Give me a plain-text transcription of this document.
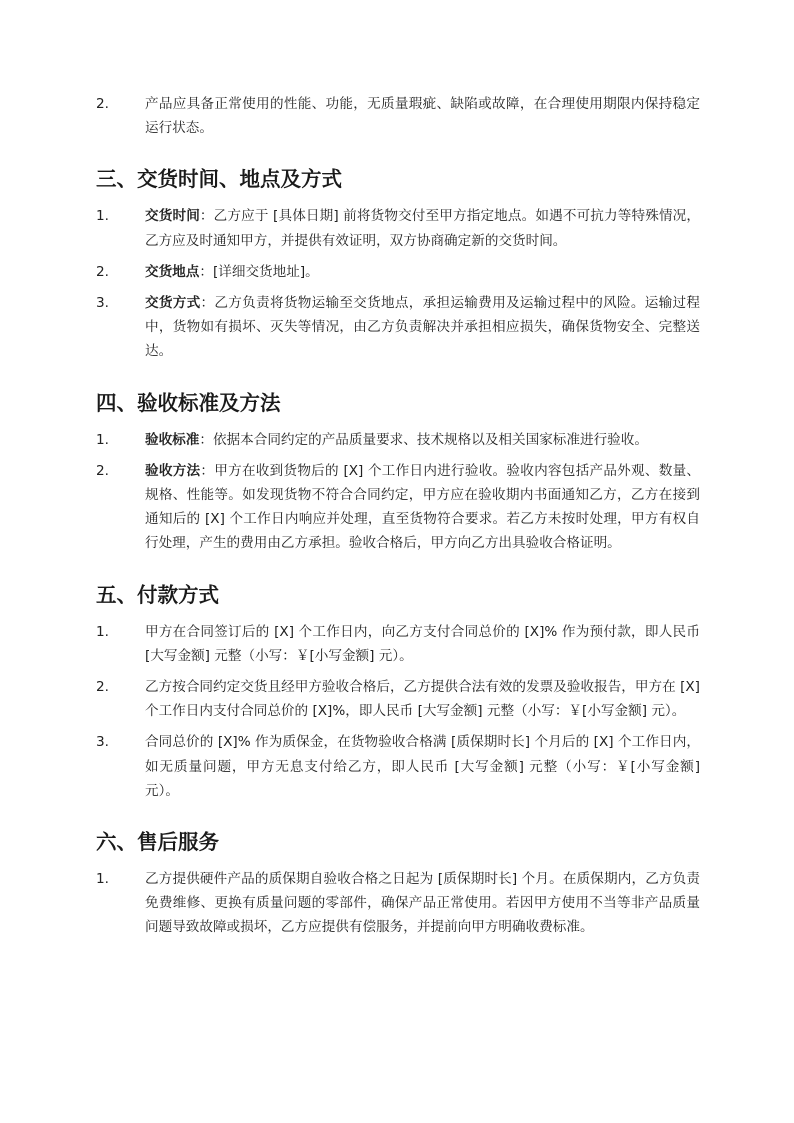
2.	产品应具备正常使用的性能、功能，无质量瑕疵、缺陷或故障，在合理使用期限内保持稳定运行状态。
三、交货时间、地点及方式
1.	交货时间：乙方应于 [具体日期] 前将货物交付至甲方指定地点。如遇不可抗力等特殊情况，乙方应及时通知甲方，并提供有效证明，双方协商确定新的交货时间。
2.	交货地点：[详细交货地址]。
3.	交货方式：乙方负责将货物运输至交货地点，承担运输费用及运输过程中的风险。运输过程中，货物如有损坏、灭失等情况，由乙方负责解决并承担相应损失，确保货物安全、完整送达。
四、验收标准及方法
1.	验收标准：依据本合同约定的产品质量要求、技术规格以及相关国家标准进行验收。
2.	验收方法：甲方在收到货物后的 [X] 个工作日内进行验收。验收内容包括产品外观、数量、规格、性能等。如发现货物不符合合同约定，甲方应在验收期内书面通知乙方，乙方在接到通知后的 [X] 个工作日内响应并处理，直至货物符合要求。若乙方未按时处理，甲方有权自行处理，产生的费用由乙方承担。验收合格后，甲方向乙方出具验收合格证明。
五、付款方式
1.	甲方在合同签订后的 [X] 个工作日内，向乙方支付合同总价的 [X]% 作为预付款，即人民币 [大写金额] 元整（小写：￥[小写金额] 元）。
2.	乙方按合同约定交货且经甲方验收合格后，乙方提供合法有效的发票及验收报告，甲方在 [X] 个工作日内支付合同总价的 [X]%，即人民币 [大写金额] 元整（小写：￥[小写金额] 元）。
3.	合同总价的 [X]% 作为质保金，在货物验收合格满 [质保期时长] 个月后的 [X] 个工作日内，如无质量问题，甲方无息支付给乙方，即人民币 [大写金额] 元整（小写：￥[小写金额] 元）。
六、售后服务
1.	乙方提供硬件产品的质保期自验收合格之日起为 [质保期时长] 个月。在质保期内，乙方负责免费维修、更换有质量问题的零部件，确保产品正常使用。若因甲方使用不当等非产品质量问题导致故障或损坏，乙方应提供有偿服务，并提前向甲方明确收费标准。
